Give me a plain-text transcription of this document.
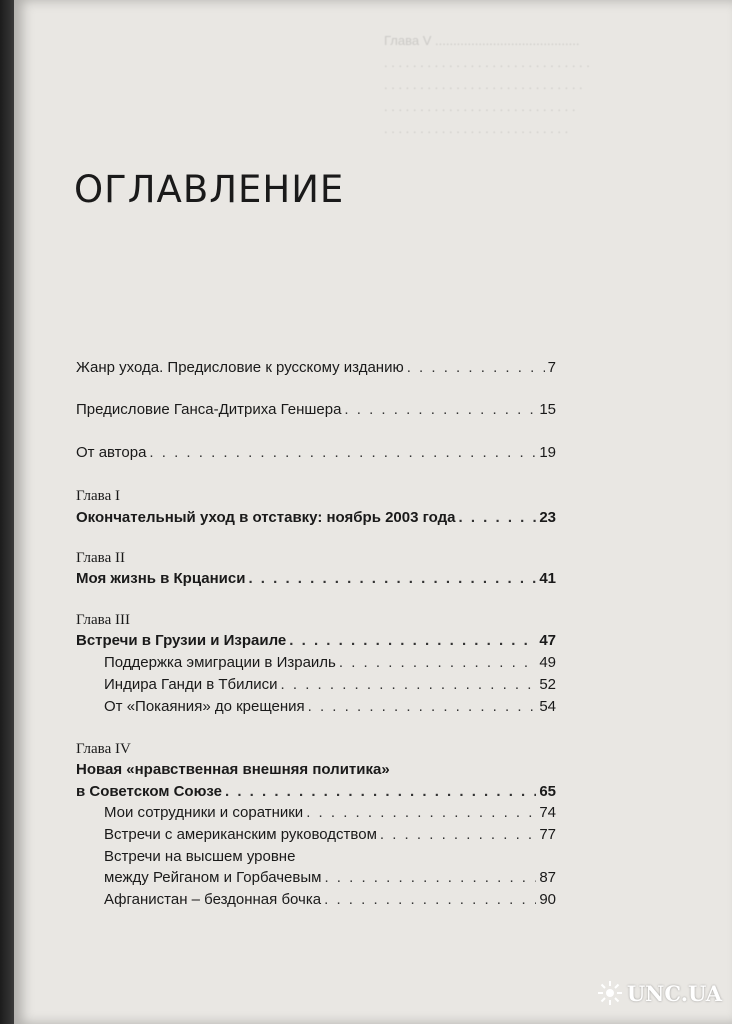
Глава V ........................................
. . . . . . . . . . . . . . . . . . . . . . . . . . . . .
. . . . . . . . . . . . . . . . . . . . . . . . . . . .
. . . . . . . . . . . . . . . . . . . . . . . . . . .
. . . . . . . . . . . . . . . . . . . . . . . . . .
ОГЛАВЛЕНИЕ
Жанр ухода. Предисловие к русскому изданию . . .	7
Предисловие Ганса-Дитриха Геншера . . .	15
От автора . . .	19
Глава I
Окончательный уход в отставку: ноябрь 2003 года . . .	23
Глава II
Моя жизнь в Крцаниси . . .	41
Глава III
Встречи в Грузии и Израиле . . .	47
Поддержка эмиграции в Израиль . . .	49
Индира Ганди в Тбилиси . . .	52
От «Покаяния» до крещения . . .	54
Глава IV
Новая «нравственная внешняя политика»
в Советском Союзе . . .	65
Мои сотрудники и соратники . . .	74
Встречи с американским руководством . . .	77
Встречи на высшем уровне
между Рейганом и Горбачевым . . .	87
Афганистан – бездонная бочка . . .	90
UNC.UA
